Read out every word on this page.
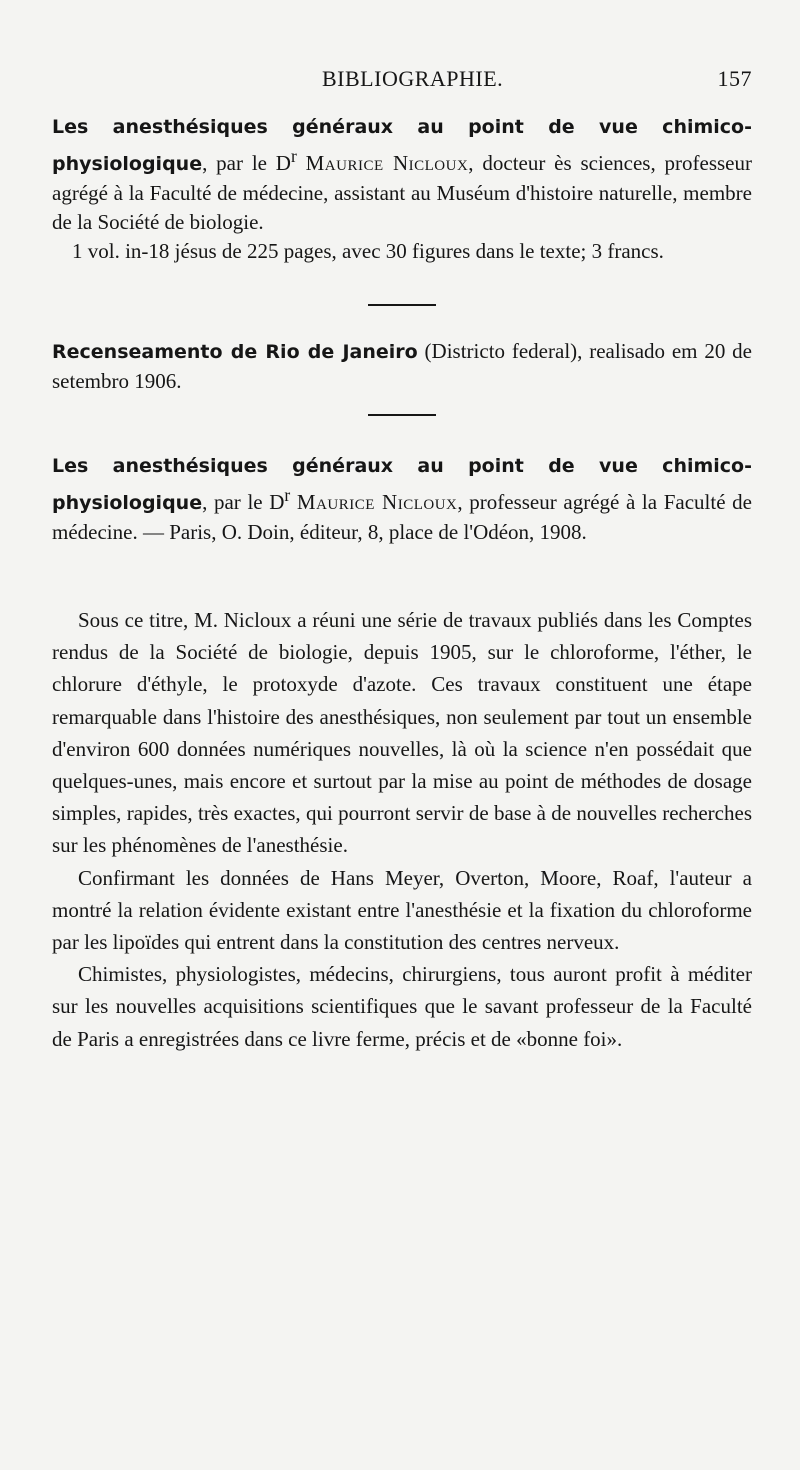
BIBLIOGRAPHIE.	157
Les anesthésiques généraux au point de vue chimico-physiologique, par le $D^r$ Maurice Nicloux, docteur ès sciences, professeur agrégé à la Faculté de médecine, assistant au Muséum d'histoire naturelle, membre de la Société de biologie.
1 vol. in-18 jésus de 225 pages, avec 30 figures dans le texte; 3 francs.
Recenseamento de Rio de Janeiro (Districto federal), realisado em 20 de setembro 1906.
Les anesthésiques généraux au point de vue chimico-physiologique, par le $D^r$ Maurice Nicloux, professeur agrégé à la Faculté de médecine. — Paris, O. Doin, éditeur, 8, place de l'Odéon, 1908.

Sous ce titre, M. Nicloux a réuni une série de travaux publiés dans les Comptes rendus de la Société de biologie, depuis 1905, sur le chloroforme, l'éther, le chlorure d'éthyle, le protoxyde d'azote. Ces travaux constituent une étape remarquable dans l'histoire des anesthésiques, non seulement par tout un ensemble d'environ 600 données numériques nouvelles, là où la science n'en possédait que quelques-unes, mais encore et surtout par la mise au point de méthodes de dosage simples, rapides, très exactes, qui pourront servir de base à de nouvelles recherches sur les phénomènes de l'anesthésie.

Confirmant les données de Hans Meyer, Overton, Moore, Roaf, l'auteur a montré la relation évidente existant entre l'anesthésie et la fixation du chloroforme par les lipoïdes qui entrent dans la constitution des centres nerveux.

Chimistes, physiologistes, médecins, chirurgiens, tous auront profit à méditer sur les nouvelles acquisitions scientifiques que le savant professeur de la Faculté de Paris a enregistrées dans ce livre ferme, précis et de «bonne foi».
